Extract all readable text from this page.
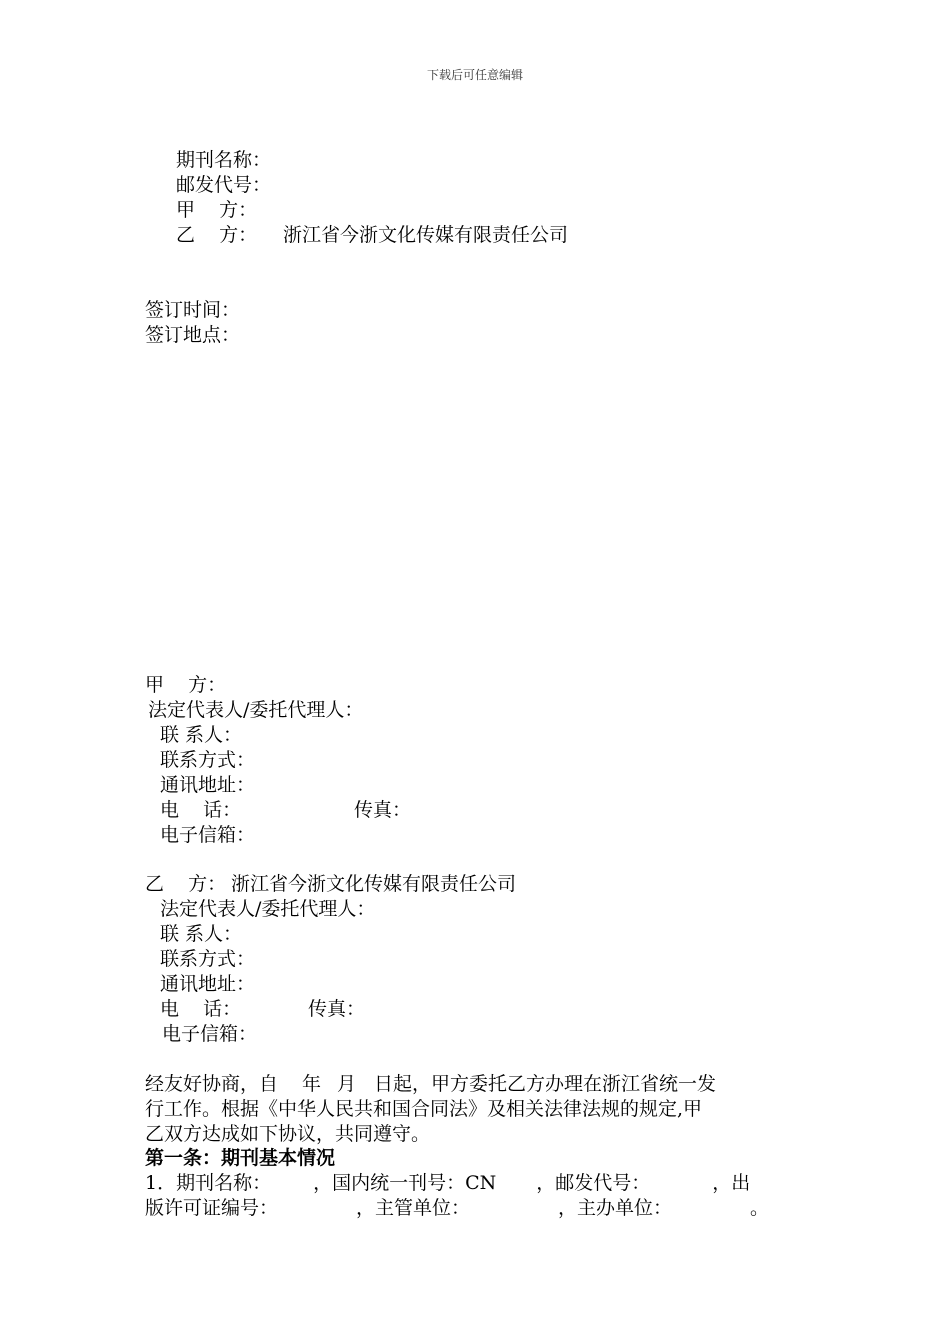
下载后可任意编辑
期刊名称：
邮发代号：
甲    方：
乙    方： 浙江省今浙文化传媒有限责任公司
签订时间：
签订地点：
甲    方：
法定代表人/委托代理人：
联 系人：
联系方式：
通讯地址：
电    话：	传真：
电子信箱：
乙    方： 浙江省今浙文化传媒有限责任公司
法定代表人/委托代理人：
联 系人：
联系方式：
通讯地址：
电    话：	传真：
电子信箱：
经友好协商，自 年 月 日起，甲方委托乙方办理在浙江省统一发
行工作。根据《中华人民共和国合同法》及相关法律法规的规定,甲
乙双方达成如下协议，共同遵守。
第一条：期刊基本情况
1．期刊名称： ，国内统一刊号：CN ，邮发代号：	，出
版许可证编号：	，主管单位：	，主办单位：	。
